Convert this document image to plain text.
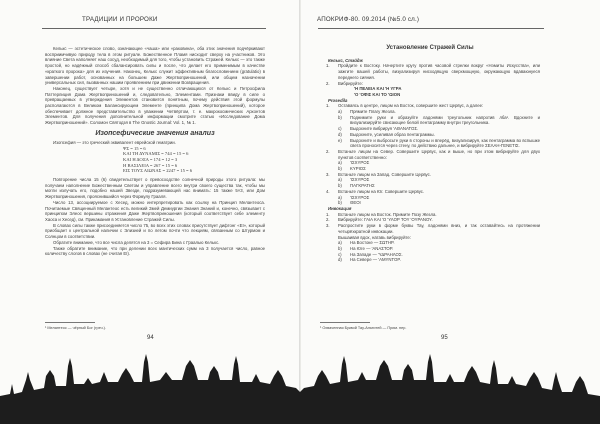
ТРАДИЦИИ И ПРОРОКИ

Келькс — эстетическое слово, означающее «чаша» или «раковина», оба этих значения подчёркивают восприимчивую природу тела в этом ритуале. Божественное Пламя нисходит сверху на участников. Это влияние Света наполняет наш сосуд, необходимый для того, чтобы установить Стражей. Келькс — это также простой, но надёжный способ сбалансировать силы и после, что делает его применимым в качестве «краткого пророка» для их изучения. Наконец, Келькс служит эффективным благословением (gratulatio) в завершении работ, основанных на большем Даже Жертвоприношений, или общем назначении универсальных сил, вызванных нашим проявлением при движении Возвращения.

Наконец, существует четыре, хотя и не существенно отличающихся от Келькс и Петросфила Паттерлиция Дома Жертвоприношений и, следовательно, Элементами. Признаки ввиду в силе о превращаемых в утверждения Элементов становится понятным, почему действия этой формулы располагаются в Великом Балансирующем Элементе (принципа Дома Жертвоприношений), которое обеспечивает должное представительство в уважении Четвёртом, т. е. макрокосмических Архонтов Элементов. Для получения дополнительной информации смотрите статью «Исследование Дома Жертвоприношений». Соломон Святодзя в The Gnostic Journal: Vol. 1, № 1.

Изопсефические значения анализ

Изопсефия — это греческий эквивалент еврейской гематрии.

ΨΣ = 15 = 6
ΚΑΙ ΤΗ ΔΥΝΑΜΙΣ = 744 = 15 = 6
ΚΑΙ Η ΔΟΞΑ = 174 = 12 = 3
Η ΒΑΣΙΛΕΙΑ = 267 = 15 = 6
ΕΙΣ ΤΟΥΣ ΑΙΩΝΑΣ = 2247 = 15 = 6

Повторение числа 15 (6) свидетельствует о превосходстве солнечной природы этого ритуала: мы получаем наполнение Божественным Светом и управление всего внутри своего существа так, чтобы мы могли излучать его, подобно нашей Звезде, подразумевающей нас внимать: 15 также 5×3, или Дом Жертвоприношения, прояснившийся через Формулу Грааля.

Число 13, ассоциируемое с Хесед, можно интерпретировать как ссылку на Принцип Мелантеоса. Почитаемые Священный Мелантеос есть великий Змей Демиургии Знания Знаний и, конечно, связывает с принципом Элеос вершины отражения Даже Жертвоприношения (который соответствует себе элементу Хаоса и Хесед), см. Прикамания в Установление Стражей Силы.

В словах силы также присоединяется число 75, во всех этих словах присутствует дифтонг «ΕΙ», который приобщает к центральной наличии с Элизией и по летом почти что лекциям, связанным со Штурмом и Солнцом в соответствии.

Обратите внимание, что все числа делятся на 3 = Сефира Бина с Граалью Келькс.

Также обратите внимание, что при делении всех мантических сумм на 3 получается число, равное количеству слогов в словах (не считая ΕΙ).

¹ Мелантеос — чёрный Бог (греч.).
94
АПОКРИФ-80. 09.2014 (№5.0 сл.)
Установление Стражей Силы

Келькс, Стэйдж

1. Пройдите к Востоку. Начертите кругу против часовой стрелки вокруг «Нэмиты Искусства», или зажгите вашей работы, визуализируя нисходящую сверхмощную, окружающую вдаваюнуеся переднего сияния.
2. Вибрируйте:
'Η ΠΕΛΕΙΑ ΚΑΙ 'Η ΥΓΡΑ
'Ο 'ΟΦΙΣ ΚΑΙ ΤΟ 'ΩΙΟΝ

Prosedila

1. Оставаясь в центре, лицом на Восток, совершите жест Цервус, а далее:
a) Прямите Плагу Жезла.
b) Поднимите руки и образуйте ладонями треугольник напротив лба¹. Вдохните и визуализируйте свисающее белой пентаграмму внутри треугольника.
c) Выдохните вибрируя 'ΑΘΑΝΑΤΟΣ.
d) Выдохните, усиливая образ пентаграммы.
e) Выдохните и выбросьте руки в стороны и вперёд, визуализируя, как пентаграмма во вспышке света проносится через стену, по действию дальнее, и вибрируйте ΣΕΛΑΗ-ΓΕΝΕΤΙΣ.
2. Встаньте лицом на Север. Совершите Цервус, как и выше, но при этом вибрируйте для двух пунктов соответственно:
a) 'ΙΣΧΥΡΟΣ
b) ΚΥΡΙΟΣ
3. Встаньте лицом на Запад. Совершите Цервус.
a) 'ΙΣΧΥΡΟΣ
b) ΠΑΓΚΡΑΤΗΣ
4. Встаньте лицом на Юг. Совершите Цервус.
a) 'ΙΣΧΥΡΟΣ
b) ΘΕΟΙ

Инвокация

1. Встаньте лицом на Восток. Примите Позу Жезла.
2. Вибрируйте: ΓΑΙΑ ΚΑΙ 'Ο 'ΥΛΟΡ ΤΟΥ 'ΟΥΡΑΝΟΥ.
3. Распростите руки в форме буквы Тау, ладонями вниз, и так оставайтесь на протяжении четырёхкратной инвокации.
Вышаивая вдох, натавь вибрируйте:
a) На Востоке — ΣΩΤΗΡ.
b) На Юге — 'ΑΝΑΣΤΟΡ.
c) На Западе — 'ΥΔΡΑΗΛΟΣ.
d) На Севере — 'ΑΜΥΝΤΟΡ.
¹ Охваченная Буквой Тау-Альтитей — Прим. пер.
95
